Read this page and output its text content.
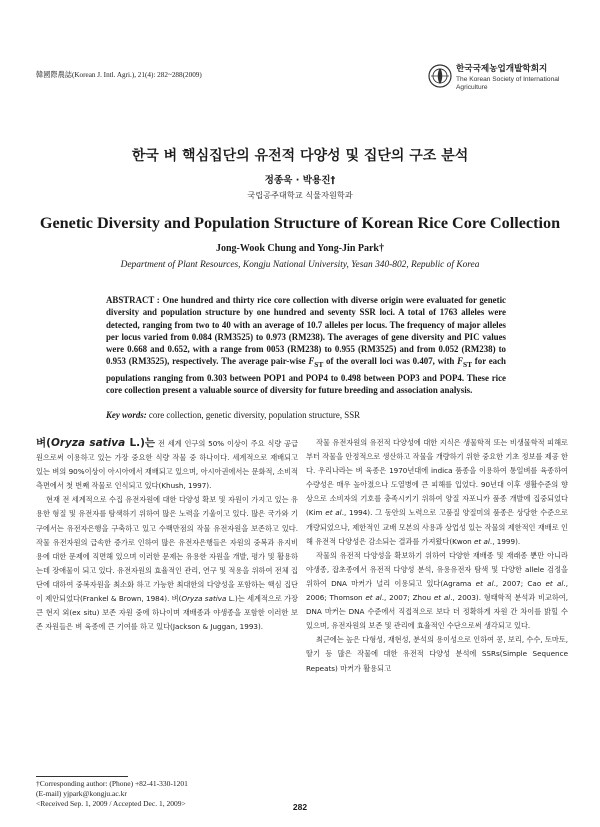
韓國際農誌(Korean J. Intl. Agri.), 21(4): 282~288(2009)
한국국제농업개발학회지
The Korean Society of International Agriculture
한국 벼 핵심집단의 유전적 다양성 및 집단의 구조 분석
정종욱 · 박용진†
국립공주대학교 식물자원학과
Genetic Diversity and Population Structure of Korean Rice Core Collection
Jong-Wook Chung and Yong-Jin Park†
Department of Plant Resources, Kongju National University, Yesan 340-802, Republic of Korea
ABSTRACT : One hundred and thirty rice core collection with diverse origin were evaluated for genetic diversity and population structure by one hundred and seventy SSR loci. A total of 1763 alleles were detected, ranging from two to 40 with an average of 10.7 alleles per locus. The frequency of major alleles per locus varied from 0.084 (RM3525) to 0.973 (RM238). The averages of gene diversity and PIC values were 0.668 and 0.652, with a range from 0053 (RM238) to 0.955 (RM3525) and from 0.052 (RM238) to 0.953 (RM3525), respectively. The average pair-wise $F_{ST}$ of the overall loci was 0.407, with $F_{ST}$ for each populations ranging from 0.303 between POP1 and POP4 to 0.498 between POP3 and POP4. These rice core collection present a valuable source of diversity for future breeding and association analysis.
Key words: core collection, genetic diversity, population structure, SSR

벼(Oryza sativa L.)는 전 세계 인구의 50% 이상이 주요 식량 공급원으로써 이용하고 있는 가장 중요한 식량 작물 중 하나이다. 세계적으로 재배되고 있는 벼의 90%이상이 아시아에서 재배되고 있으며, 아시아권에서는 문화적, 소비적 측면에서 첫 번째 작물로 인식되고 있다(Khush, 1997).

현재 전 세계적으로 수집 유전자원에 대한 다양성 확보 및 자원이 가지고 있는 유용한 형질 및 유전자를 탐색하기 위하여 많은 노력을 기울이고 있다. 많은 국가와 기구에서는 유전자은행을 구축하고 있고 수백만점의 작물 유전자원을 보존하고 있다. 작물 유전자원의 급속한 증가로 인하여 많은 유전자은행들은 자원의 중복과 유지비용에 대한 문제에 직면해 있으며 이러한 문제는 유용한 자원을 개발, 평가 및 활용하는데 장애물이 되고 있다. 유전자원의 효율적인 관리, 연구 및 적용을 위하여 전체 집단에 대하여 중복자원을 최소화 하고 가능한 최대한의 다양성을 포함하는 핵심 집단이 제안되었다(Frankel & Brown, 1984). 벼(Oryza sativa L.)는 세계적으로 가장 큰 현지 외(ex situ) 보존 자원 중에 하나이며 재배종과 야생종을 포함한 이러한 보존 자원들은 벼 육종에 큰 기여를 하고 있다(Jackson & Juggan, 1993).

작물 유전자원의 유전적 다양성에 대한 지식은 생물학적 또는 비생물학적 피해로부터 작물을 안정적으로 생산하고 작물을 개량하기 위한 중요한 기초 정보를 제공 한다. 우리나라는 벼 육종은 1970년대에 indica 품종을 이용하여 통일벼를 육종하여 수량성은 매우 높아졌으나 도열병에 큰 피해를 입었다. 90년대 이후 생활수준의 향상으로 소비자의 기호를 충족시키기 위하여 양질 자포니카 품종 개발에 집중되었다(Kim et al., 1994). 그 동안의 노력으로 고품질 양질미의 품종은 상당한 수준으로 개량되었으나, 제한적인 교배 모본의 사용과 상업성 있는 작물의 제한적인 재배로 인해 유전적 다양성은 감소되는 결과를 가져왔다(Kwon et al., 1999).

작물의 유전적 다양성을 확보하기 위하여 다양한 재배종 및 재래종 뿐만 아니라 야생종, 잡초종에서 유전적 다양성 분석, 유용유전자 탐색 및 다양한 allele 검정을 위하여 DNA 마커가 널리 이용되고 있다(Agrama et al., 2007; Cao et al., 2006; Thomson et al., 2007; Zhou et al., 2003). 형태학적 분석과 비교하여, DNA 마커는 DNA 수준에서 직접적으로 보다 더 정확하게 자원 간 차이를 밝힐 수 있으며, 유전자원의 보존 및 관리에 효율적인 수단으로써 생각되고 있다.

최근에는 높은 다형성, 재현성, 분석의 용이성으로 인하여 콩, 보리, 수수, 토마토, 딸기 등 많은 작물에 대한 유전적 다양성 분석에 SSRs(Simple Sequence Repeats) 마커가 활용되고

†Corresponding author: (Phone) +82-41-330-1201
(E-mail) yjpark@kongju.ac.kr
<Received Sep. 1, 2009 / Accepted Dec. 1, 2009>	282
